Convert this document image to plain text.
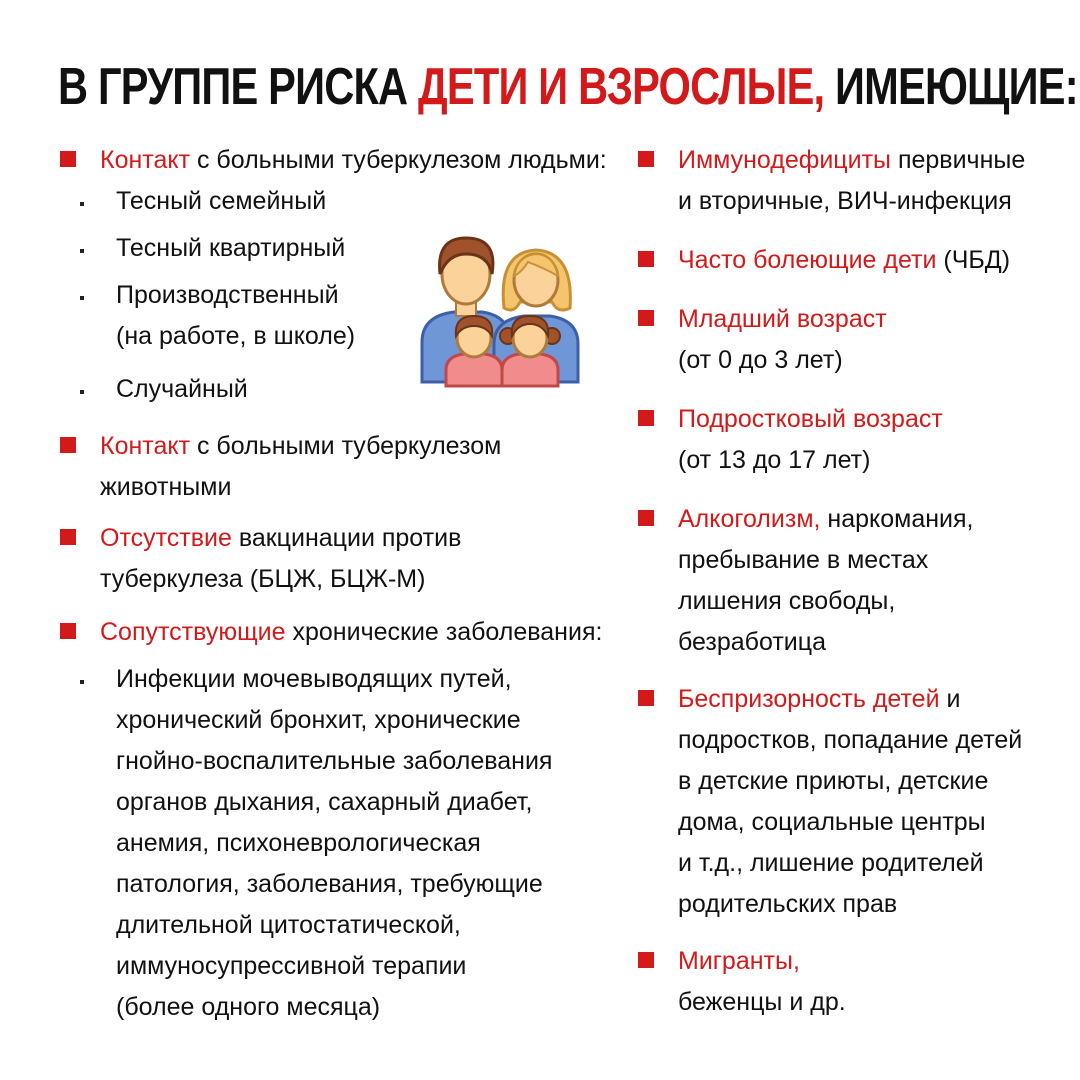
В ГРУППЕ РИСКА ДЕТИ И ВЗРОСЛЫЕ, ИМЕЮЩИЕ:
Контакт с больными туберкулезом людьми:
Тесный семейный
Тесный квартирный
Производственный
(на работе, в школе)
Случайный
Контакт с больными туберкулезом
животными
Отсутствие вакцинации против
туберкулеза (БЦЖ, БЦЖ-М)
Сопутствующие хронические заболевания:
Инфекции мочевыводящих путей,
хронический бронхит, хронические
гнойно-воспалительные заболевания
органов дыхания, сахарный диабет,
анемия, психоневрологическая
патология, заболевания, требующие
длительной цитостатической,
иммуносупрессивной терапии
(более одного месяца)
Иммунодефициты первичные
и вторичные, ВИЧ-инфекция
Часто болеющие дети (ЧБД)
Младший возраст
(от 0 до 3 лет)
Подростковый возраст
(от 13 до 17 лет)
Алкоголизм, наркомания,
пребывание в местах
лишения свободы,
безработица
Беспризорность детей и
подростков, попадание детей
в детские приюты, детские
дома, социальные центры
и т.д., лишение родителей
родительских прав
Мигранты,
беженцы и др.
